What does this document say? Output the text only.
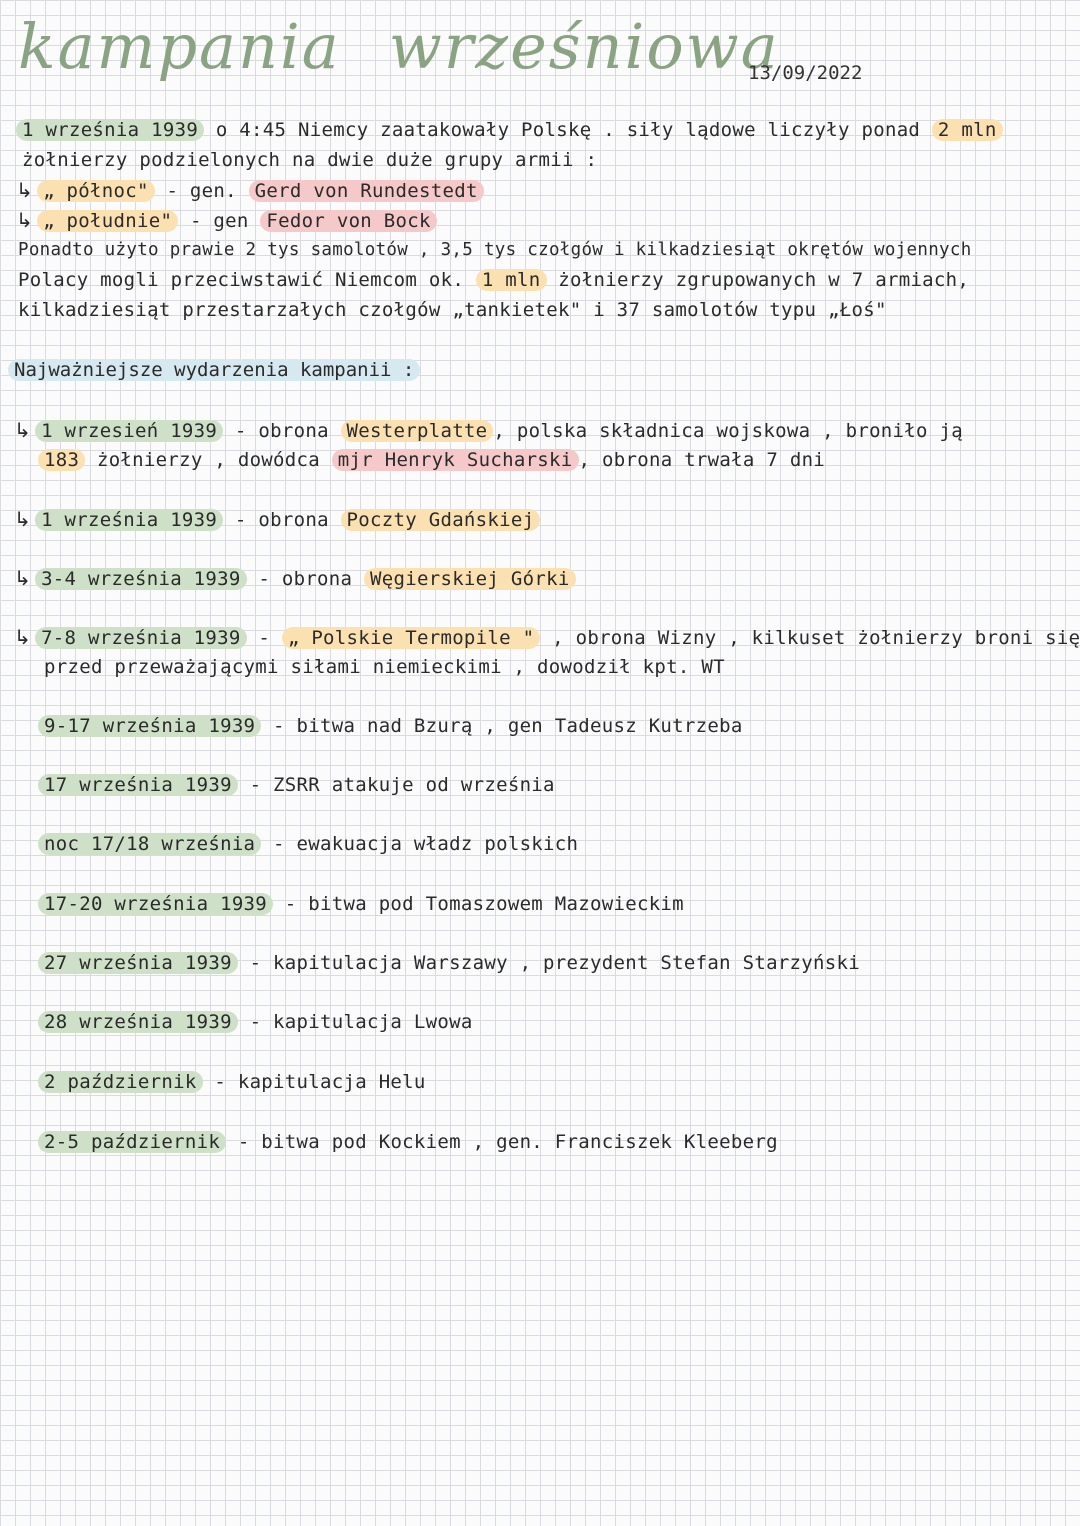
kampania wrześniowa
13/09/2022
1 września 1939 o 4:45 Niemcy zaatakowały Polskę . siły lądowe liczyły ponad 2 mln
żołnierzy podzielonych na dwie duże grupy armii :
↳ „ północ" - gen. Gerd von Rundestedt
↳ „ południe" - gen Fedor von Bock
Ponadto użyto prawie 2 tys samolotów , 3,5 tys czołgów i kilkadziesiąt okrętów wojennych
Polacy mogli przeciwstawić Niemcom ok. 1 mln żołnierzy zgrupowanych w 7 armiach,
kilkadziesiąt przestarzałych czołgów „tankietek" i 37 samolotów typu „Łoś"
Najważniejsze wydarzenia kampanii :
↳ 1 wrzesień 1939 - obrona Westerplatte , polska składnica wojskowa , broniło ją
183 żołnierzy , dowódca mjr Henryk Sucharski , obrona trwała 7 dni
↳ 1 września 1939 - obrona Poczty Gdańskiej
↳ 3-4 września 1939 - obrona Węgierskiej Górki
↳ 7-8 września 1939 - „ Polskie Termopile " , obrona Wizny , kilkuset żołnierzy broni się
przed przeważającymi siłami niemieckimi , dowodził kpt. WT
9-17 września 1939 - bitwa nad Bzurą , gen Tadeusz Kutrzeba
17 września 1939 - ZSRR atakuje od września
noc 17/18 września - ewakuacja władz polskich
17-20 września 1939 - bitwa pod Tomaszowem Mazowieckim
27 września 1939 - kapitulacja Warszawy , prezydent Stefan Starzyński
28 września 1939 - kapitulacja Lwowa
2 październik - kapitulacja Helu
2-5 październik - bitwa pod Kockiem , gen. Franciszek Kleeberg
